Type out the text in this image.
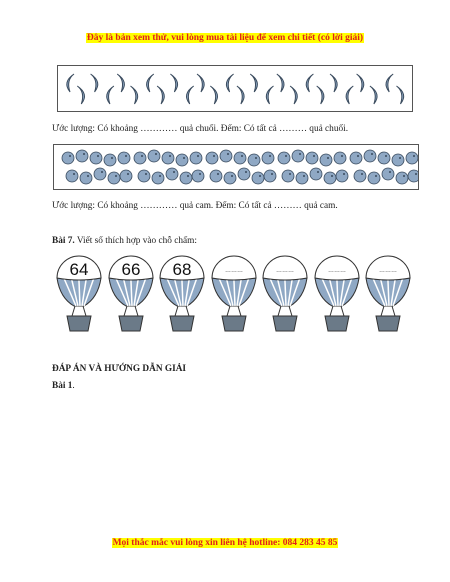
Đây là bản xem thử, vui lòng mua tài liệu để xem chi tiết (có lời giải)
Ước lượng: Có khoảng ………… quả chuối. Đếm: Có tất cả ……… quả chuối.
Ước lượng: Có khoảng ………… quả cam. Đếm: Có tất cả ……… quả cam.
Bài 7. Viết số thích hợp vào chỗ chấm:
64 66 68	………	………	………	………
ĐÁP ÁN VÀ HƯỚNG DẪN GIẢI
Bài 1.
Mọi thắc mắc vui lòng xin liên hệ hotline: 084 283 45 85
